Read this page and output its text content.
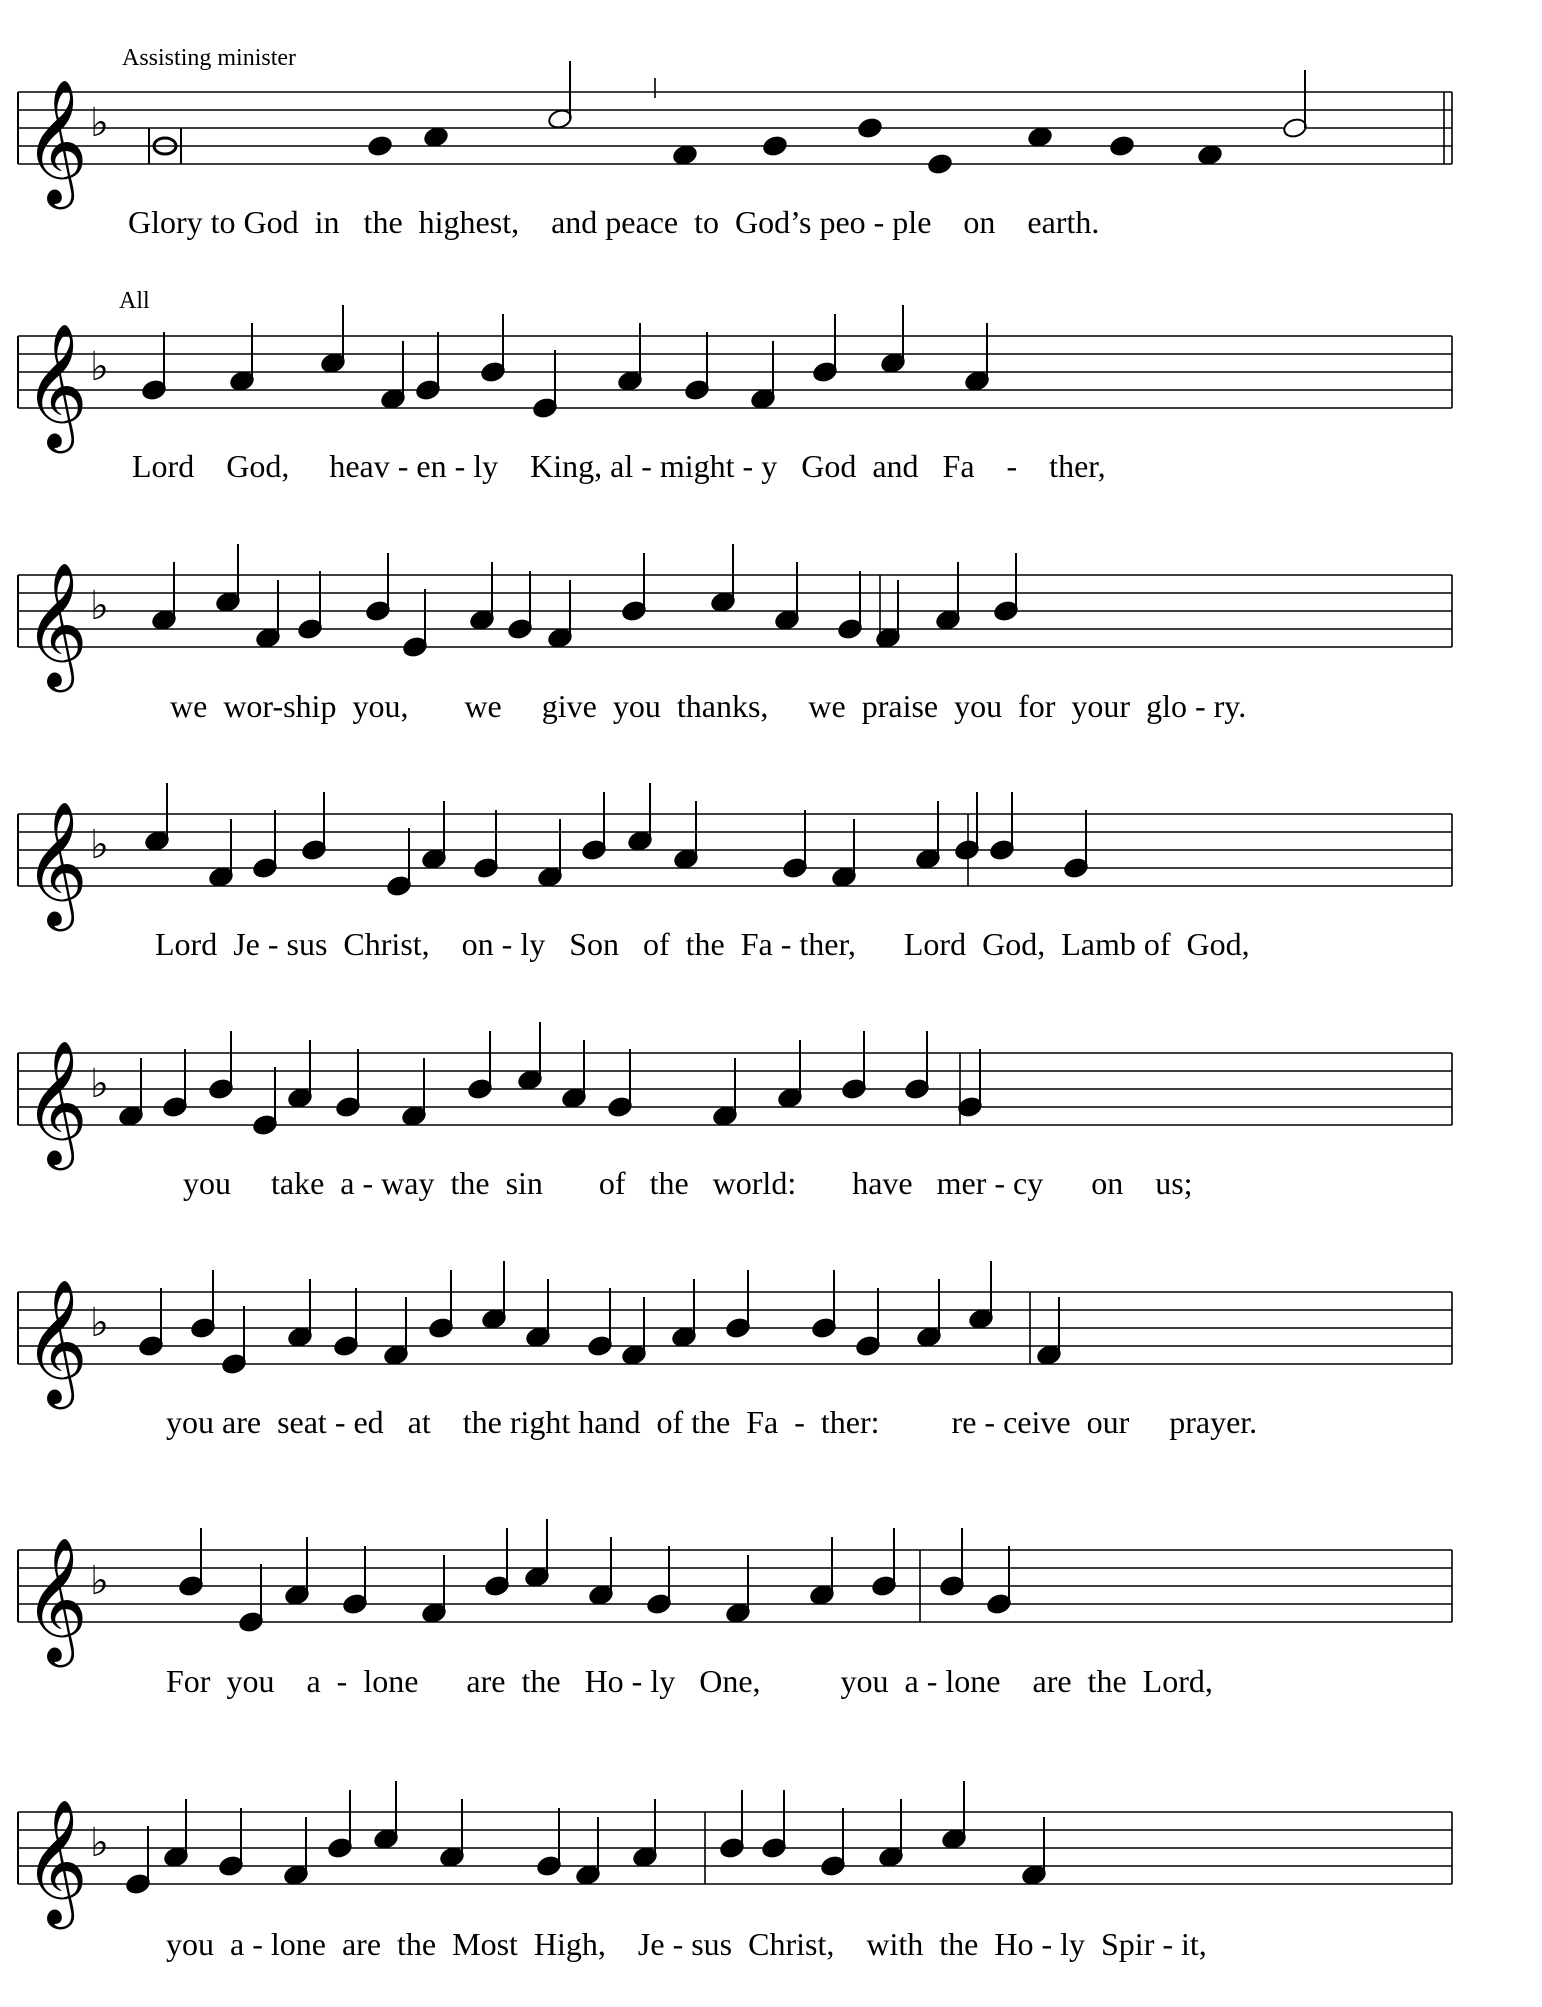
𝄞 ♭
𝄞 ♭
𝄞 ♭
𝄞 ♭
𝄞 ♭
𝄞 ♭
𝄞 ♭
𝄞 ♭
Assisting minister
All
Glory to God  in   the  highest,    and peace  to  God’s peo - ple    on    earth.
Lord    God,     heav - en - ly    King, al - might - y   God  and   Fa    -    ther,
we  wor-ship  you,       we     give  you  thanks,     we  praise  you  for  your  glo - ry.
Lord  Je - sus  Christ,    on - ly   Son   of  the  Fa - ther,      Lord  God,  Lamb of  God,
you     take  a - way  the  sin       of   the   world:       have   mer - cy      on    us;
you are  seat - ed   at    the right hand  of the  Fa  -  ther:         re - ceive  our     prayer.
For  you    a  -  lone      are  the   Ho - ly   One,          you  a - lone    are  the  Lord,
you  a - lone  are  the  Most  High,    Je - sus  Christ,    with  the  Ho - ly  Spir - it,
